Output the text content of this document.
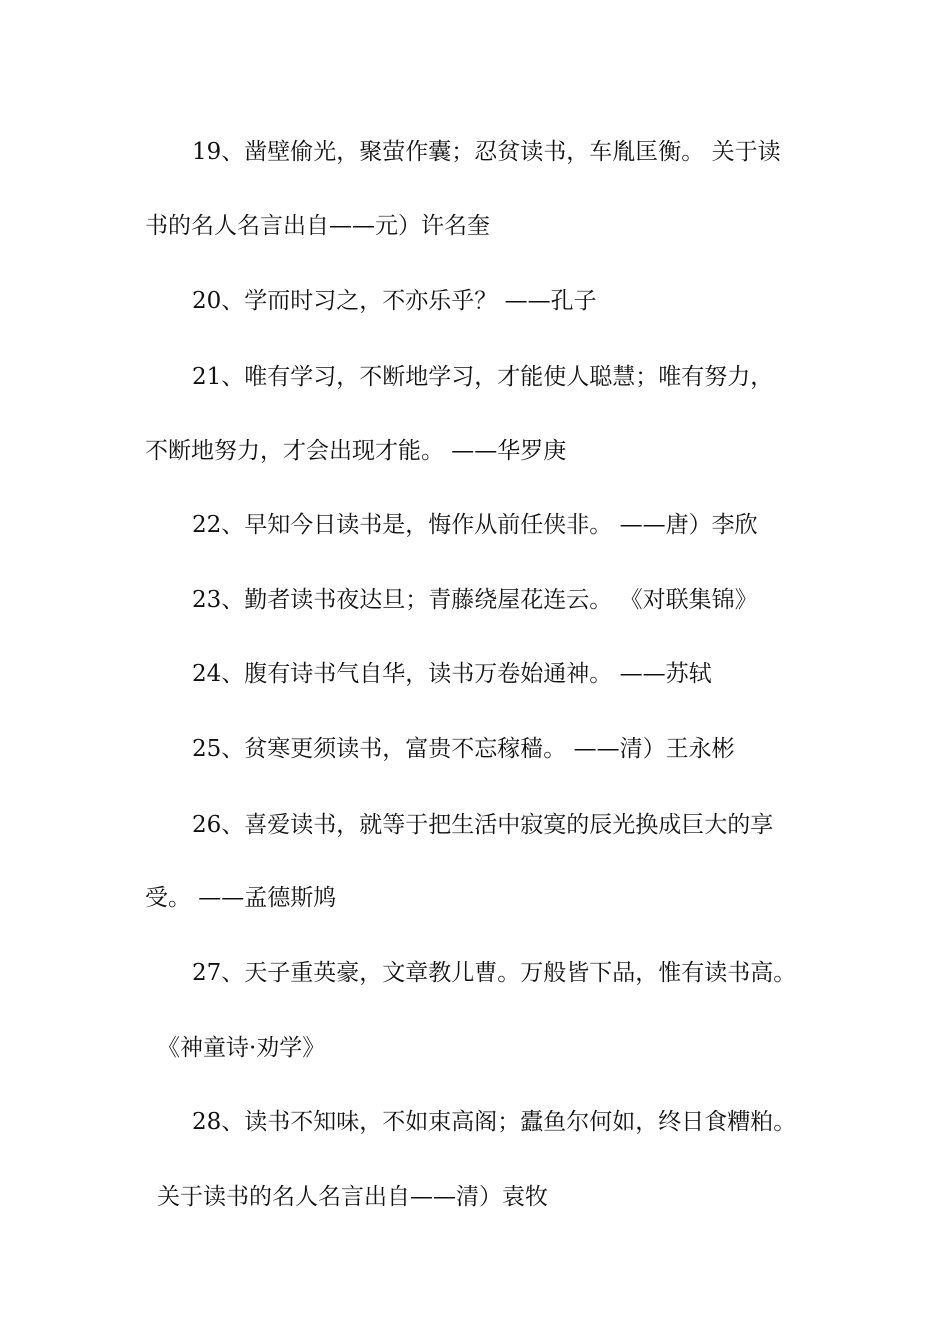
19、凿壁偷光，聚萤作囊；忍贫读书，车胤匡衡。 关于读
书的名人名言出自——元）许名奎
20、学而时习之，不亦乐乎？ ——孔子
21、唯有学习，不断地学习，才能使人聪慧；唯有努力，
不断地努力，才会出现才能。 ——华罗庚
22、早知今日读书是，悔作从前任侠非。 ——唐）李欣
23、勤者读书夜达旦；青藤绕屋花连云。 《对联集锦》
24、腹有诗书气自华，读书万卷始通神。 ——苏轼
25、贫寒更须读书，富贵不忘稼穑。 ——清）王永彬
26、喜爱读书，就等于把生活中寂寞的辰光换成巨大的享
受。 ——孟德斯鸠
27、天子重英豪，文章教儿曹。万般皆下品，惟有读书高。
《神童诗·劝学》
28、读书不知味，不如束高阁；蠹鱼尔何如，终日食糟粕。
关于读书的名人名言出自——清）袁牧
